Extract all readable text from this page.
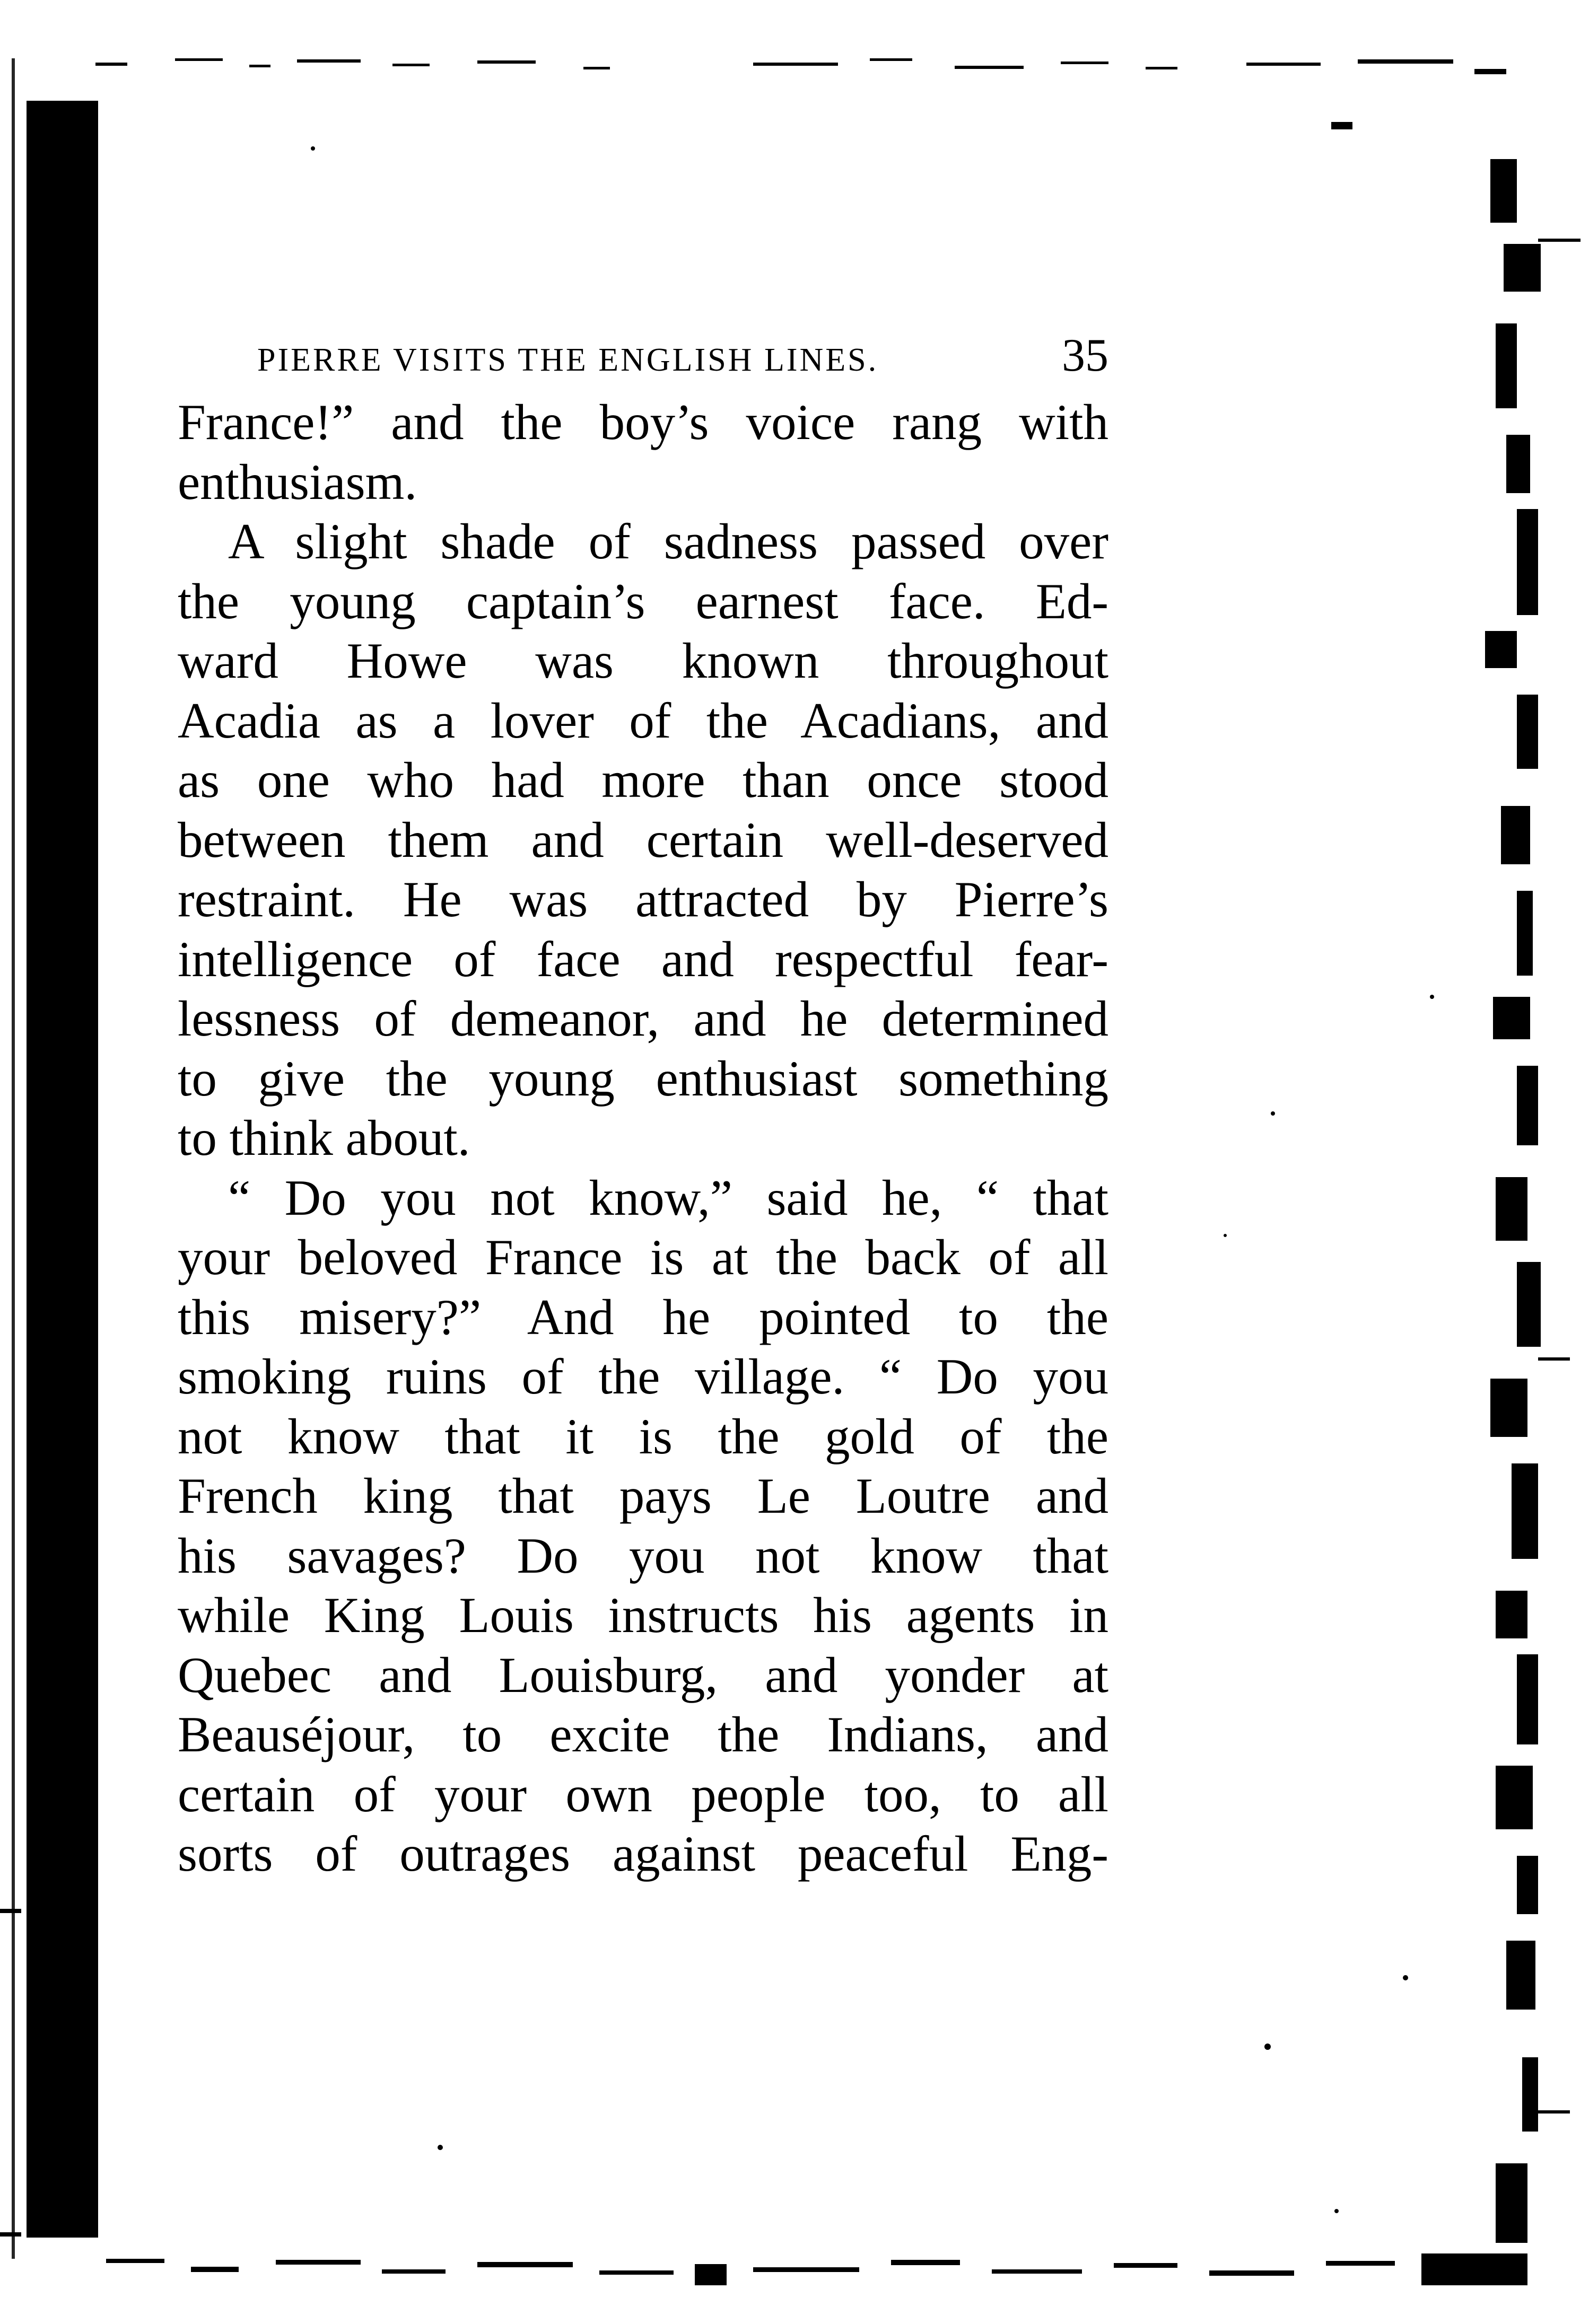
PIERRE VISITS THE ENGLISH LINES.	35
France!” and the boy’s voice rang with
enthusiasm.
A slight shade of sadness passed over
the young captain’s earnest face. Ed-
ward Howe was known throughout
Acadia as a lover of the Acadians, and
as one who had more than once stood
between them and certain well-deserved
restraint. He was attracted by Pierre’s
intelligence of face and respectful fear-
lessness of demeanor, and he determined
to give the young enthusiast something
to think about.
“ Do you not know,” said he, “ that
your beloved France is at the back of all
this misery?” And he pointed to the
smoking ruins of the village. “ Do you
not know that it is the gold of the
French king that pays Le Loutre and
his savages? Do you not know that
while King Louis instructs his agents in
Quebec and Louisburg, and yonder at
Beauséjour, to excite the Indians, and
certain of your own people too, to all
sorts of outrages against peaceful Eng-
